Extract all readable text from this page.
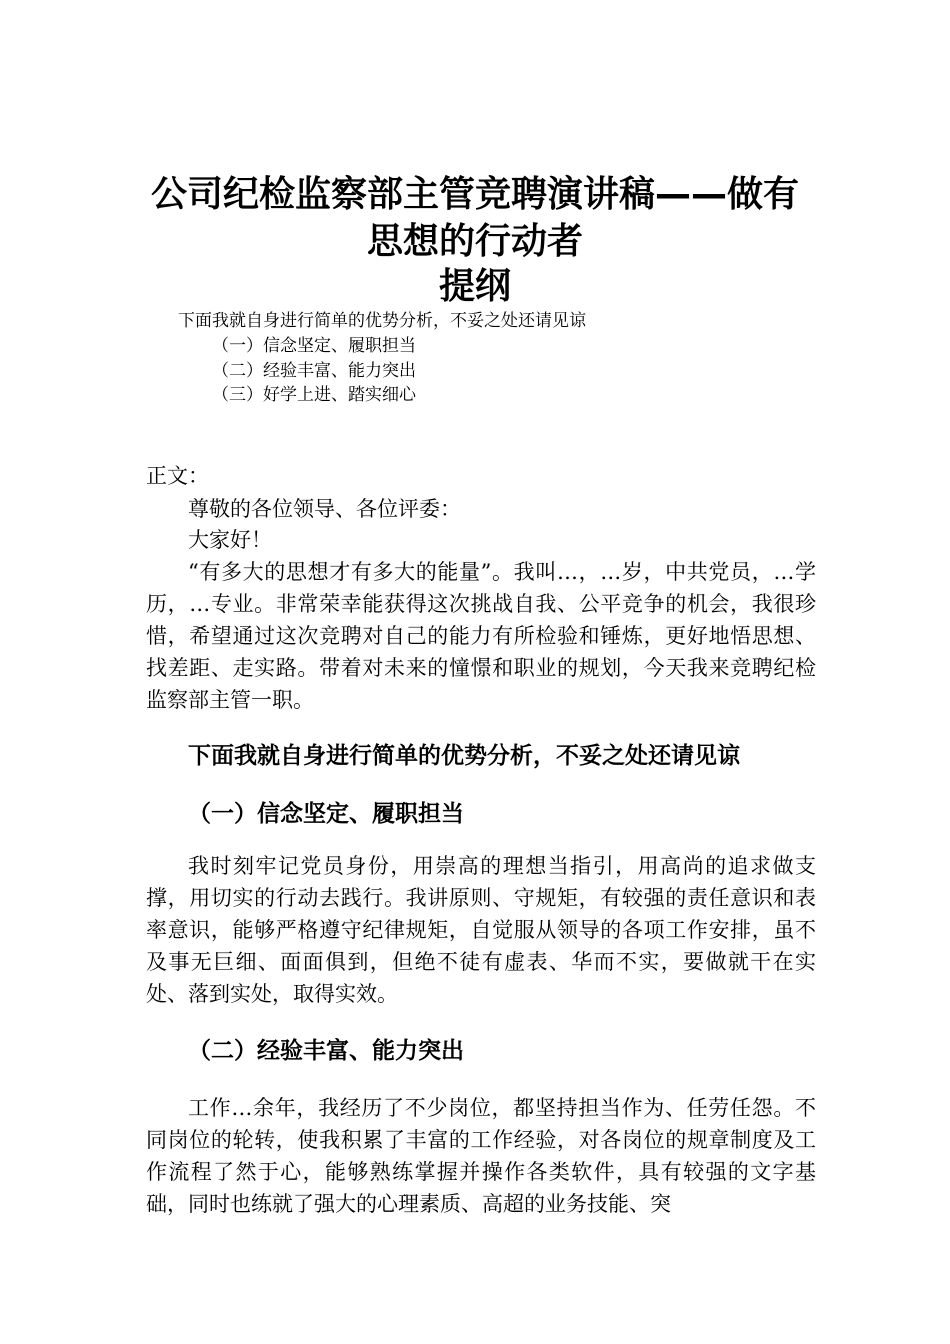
公司纪检监察部主管竞聘演讲稿——做有
思想的行动者
提纲
下面我就自身进行简单的优势分析，不妥之处还请见谅
（一）信念坚定、履职担当
（二）经验丰富、能力突出
（三）好学上进、踏实细心

正文：

尊敬的各位领导、各位评委：

大家好！

“有多大的思想才有多大的能量”。我叫…，…岁，中共党员，…学历，…专业。非常荣幸能获得这次挑战自我、公平竞争的机会，我很珍惜，希望通过这次竞聘对自己的能力有所检验和锤炼，更好地悟思想、找差距、走实路。带着对未来的憧憬和职业的规划，今天我来竞聘纪检监察部主管一职。

下面我就自身进行简单的优势分析，不妥之处还请见谅
（一）信念坚定、履职担当

我时刻牢记党员身份，用崇高的理想当指引，用高尚的追求做支撑，用切实的行动去践行。我讲原则、守规矩，有较强的责任意识和表率意识，能够严格遵守纪律规矩，自觉服从领导的各项工作安排，虽不及事无巨细、面面俱到，但绝不徒有虚表、华而不实，要做就干在实处、落到实处，取得实效。

（二）经验丰富、能力突出

工作…余年，我经历了不少岗位，都坚持担当作为、任劳任怨。不同岗位的轮转，使我积累了丰富的工作经验，对各岗位的规章制度及工作流程了然于心，能够熟练掌握并操作各类软件，具有较强的文字基础，同时也练就了强大的心理素质、高超的业务技能、突
